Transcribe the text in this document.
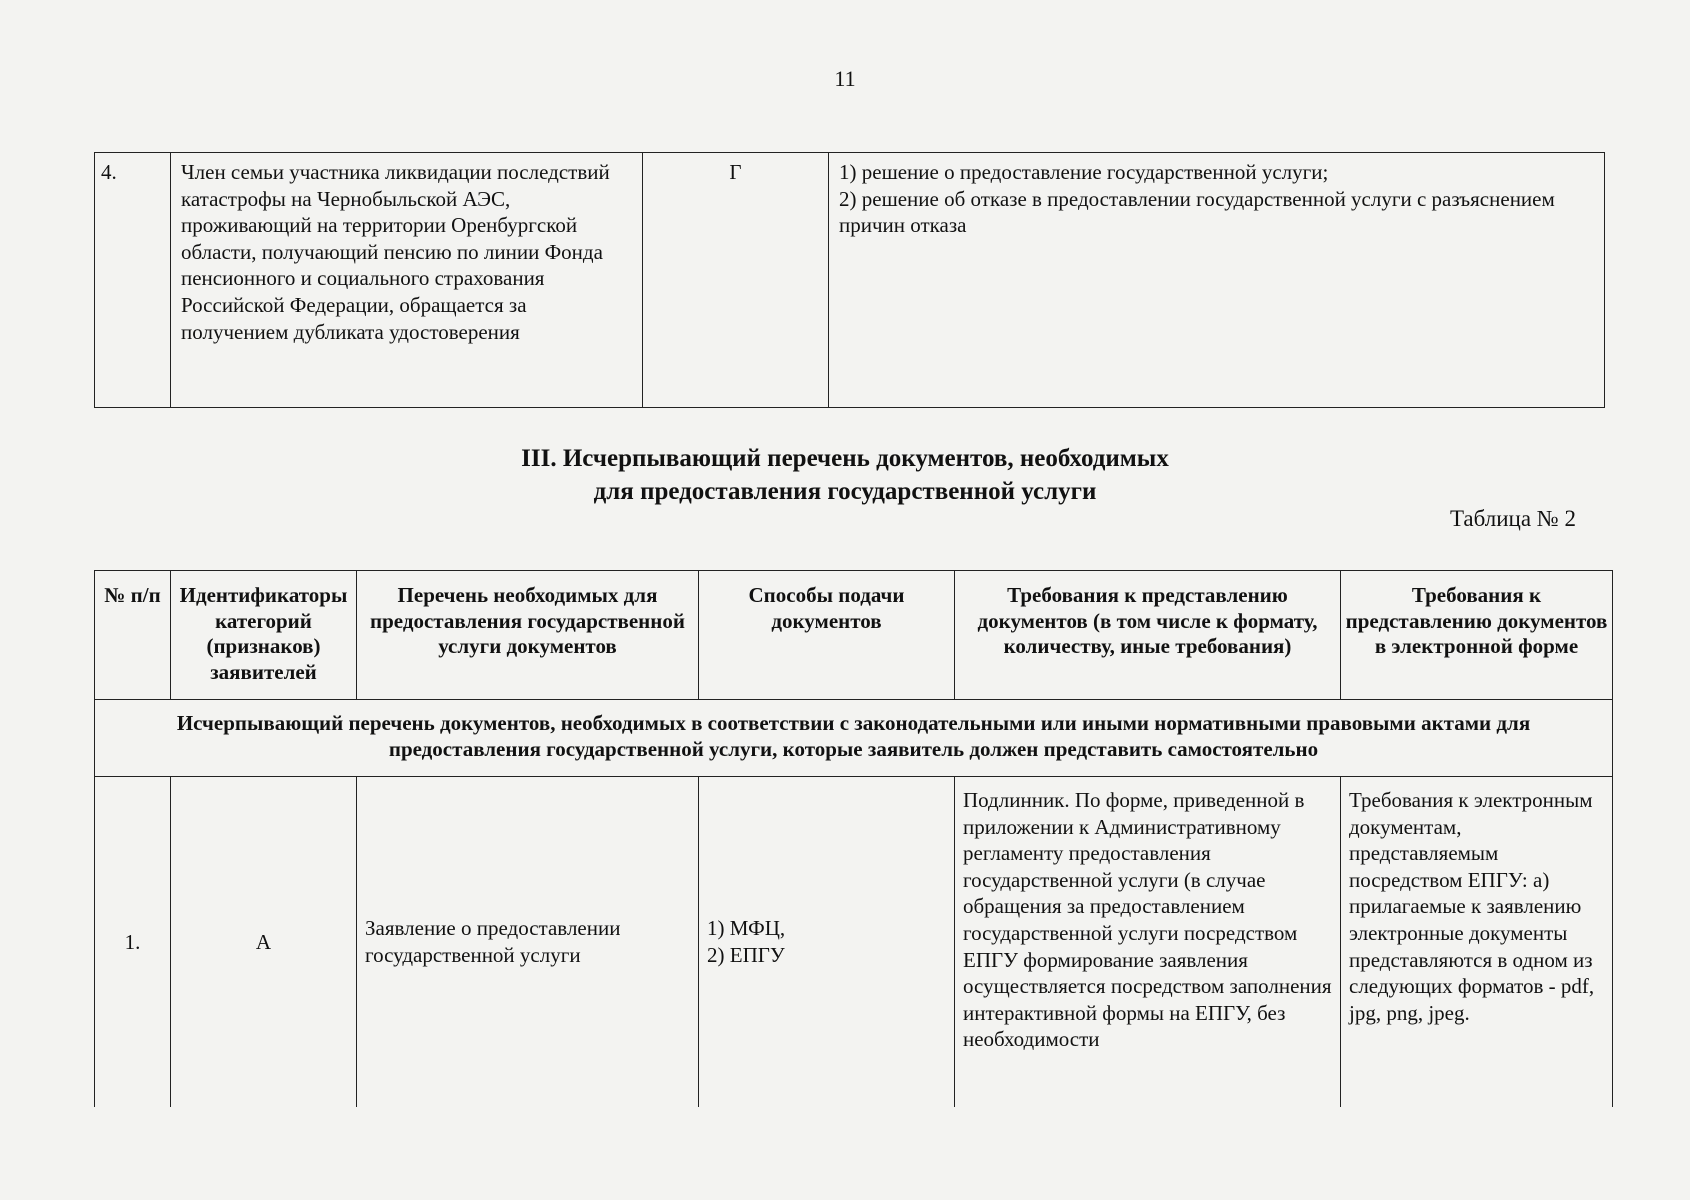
11
4.	Член семьи участника ликвидации последствий катастрофы на Чернобыльской АЭС, проживающий на территории Оренбургской области, получающий пенсию по линии Фонда пенсионного и социального страхования Российской Федерации, обращается за получением дубликата удостоверения	Г	1) решение о предоставление государственной услуги;
2) решение об отказе в предоставлении государственной услуги с разъяснением причин отказа
III. Исчерпывающий перечень документов, необходимых
для предоставления государственной услуги
Таблица № 2
№ п/п	Идентификаторы категорий (признаков) заявителей	Перечень необходимых для предоставления государственной услуги документов	Способы подачи документов	Требования к представлению документов (в том числе к формату, количеству, иные требования)	Требования к представлению документов в электронной форме
Исчерпывающий перечень документов, необходимых в соответствии с законодательными или иными нормативными правовыми актами для предоставления государственной услуги, которые заявитель должен представить самостоятельно					
1.	А	Заявление о предоставлении государственной услуги	1) МФЦ,
2) ЕПГУ	Подлинник. По форме, приведенной в приложении к Административному регламенту предоставления государственной услуги (в случае обращения за предоставлением государственной услуги посредством ЕПГУ формирование заявления осуществляется посредством заполнения интерактивной формы на ЕПГУ, без необходимости	Требования к электронным документам, представляемым посредством ЕПГУ: а) прилагаемые к заявлению электронные документы представляются в одном из следующих форматов - pdf, jpg, png, jpeg.
